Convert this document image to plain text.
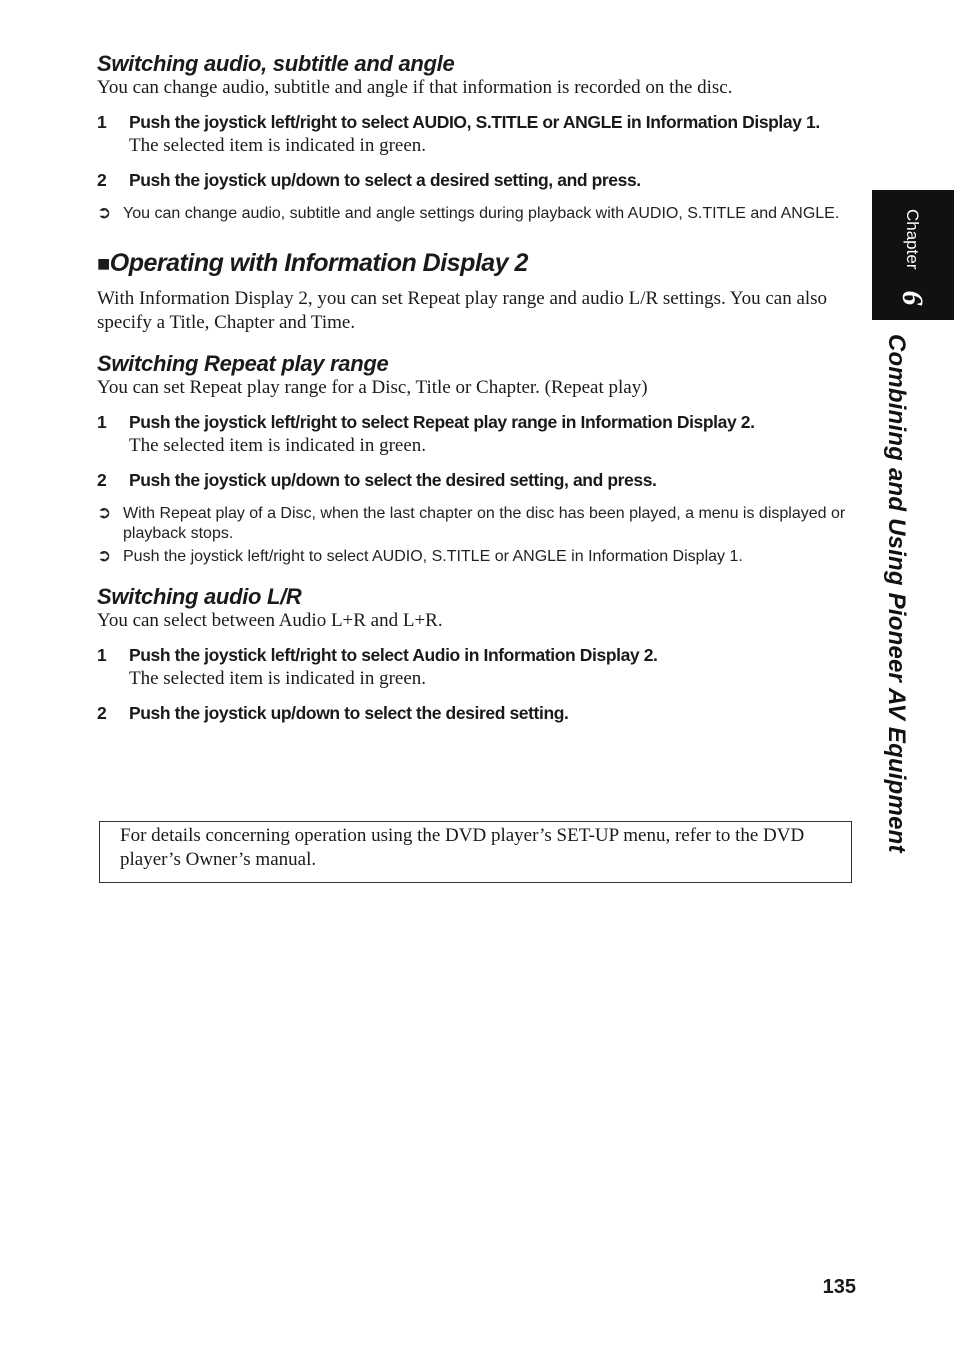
Switching audio, subtitle and angle

You can change audio, subtitle and angle if that information is recorded on the disc.

1 Push the joystick left/right to select AUDIO, S.TITLE or ANGLE in Information Display 1.
The selected item is indicated in green.
2 Push the joystick up/down to select a desired setting, and press.
➲ You can change audio, subtitle and angle settings during playback with AUDIO, S.TITLE and ANGLE.
■Operating with Information Display 2

With Information Display 2, you can set Repeat play range and audio L/R settings. You can also specify a Title, Chapter and Time.

Switching Repeat play range

You can set Repeat play range for a Disc, Title or Chapter. (Repeat play)

1 Push the joystick left/right to select Repeat play range in Information Display 2.
The selected item is indicated in green.
2 Push the joystick up/down to select the desired setting, and press.
➲ With Repeat play of a Disc, when the last chapter on the disc has been played, a menu is displayed or playback stops.
➲ Push the joystick left/right to select AUDIO, S.TITLE or ANGLE in Information Display 1.
Switching audio L/R

You can select between Audio L+R and L+R.

1 Push the joystick left/right to select Audio in Information Display 2.
The selected item is indicated in green.
2 Push the joystick up/down to select the desired setting.
For details concerning operation using the DVD player’s SET-UP menu, refer to the DVD player’s Owner’s manual.
Chapter
6
Combining and Using Pioneer AV Equipment
135
